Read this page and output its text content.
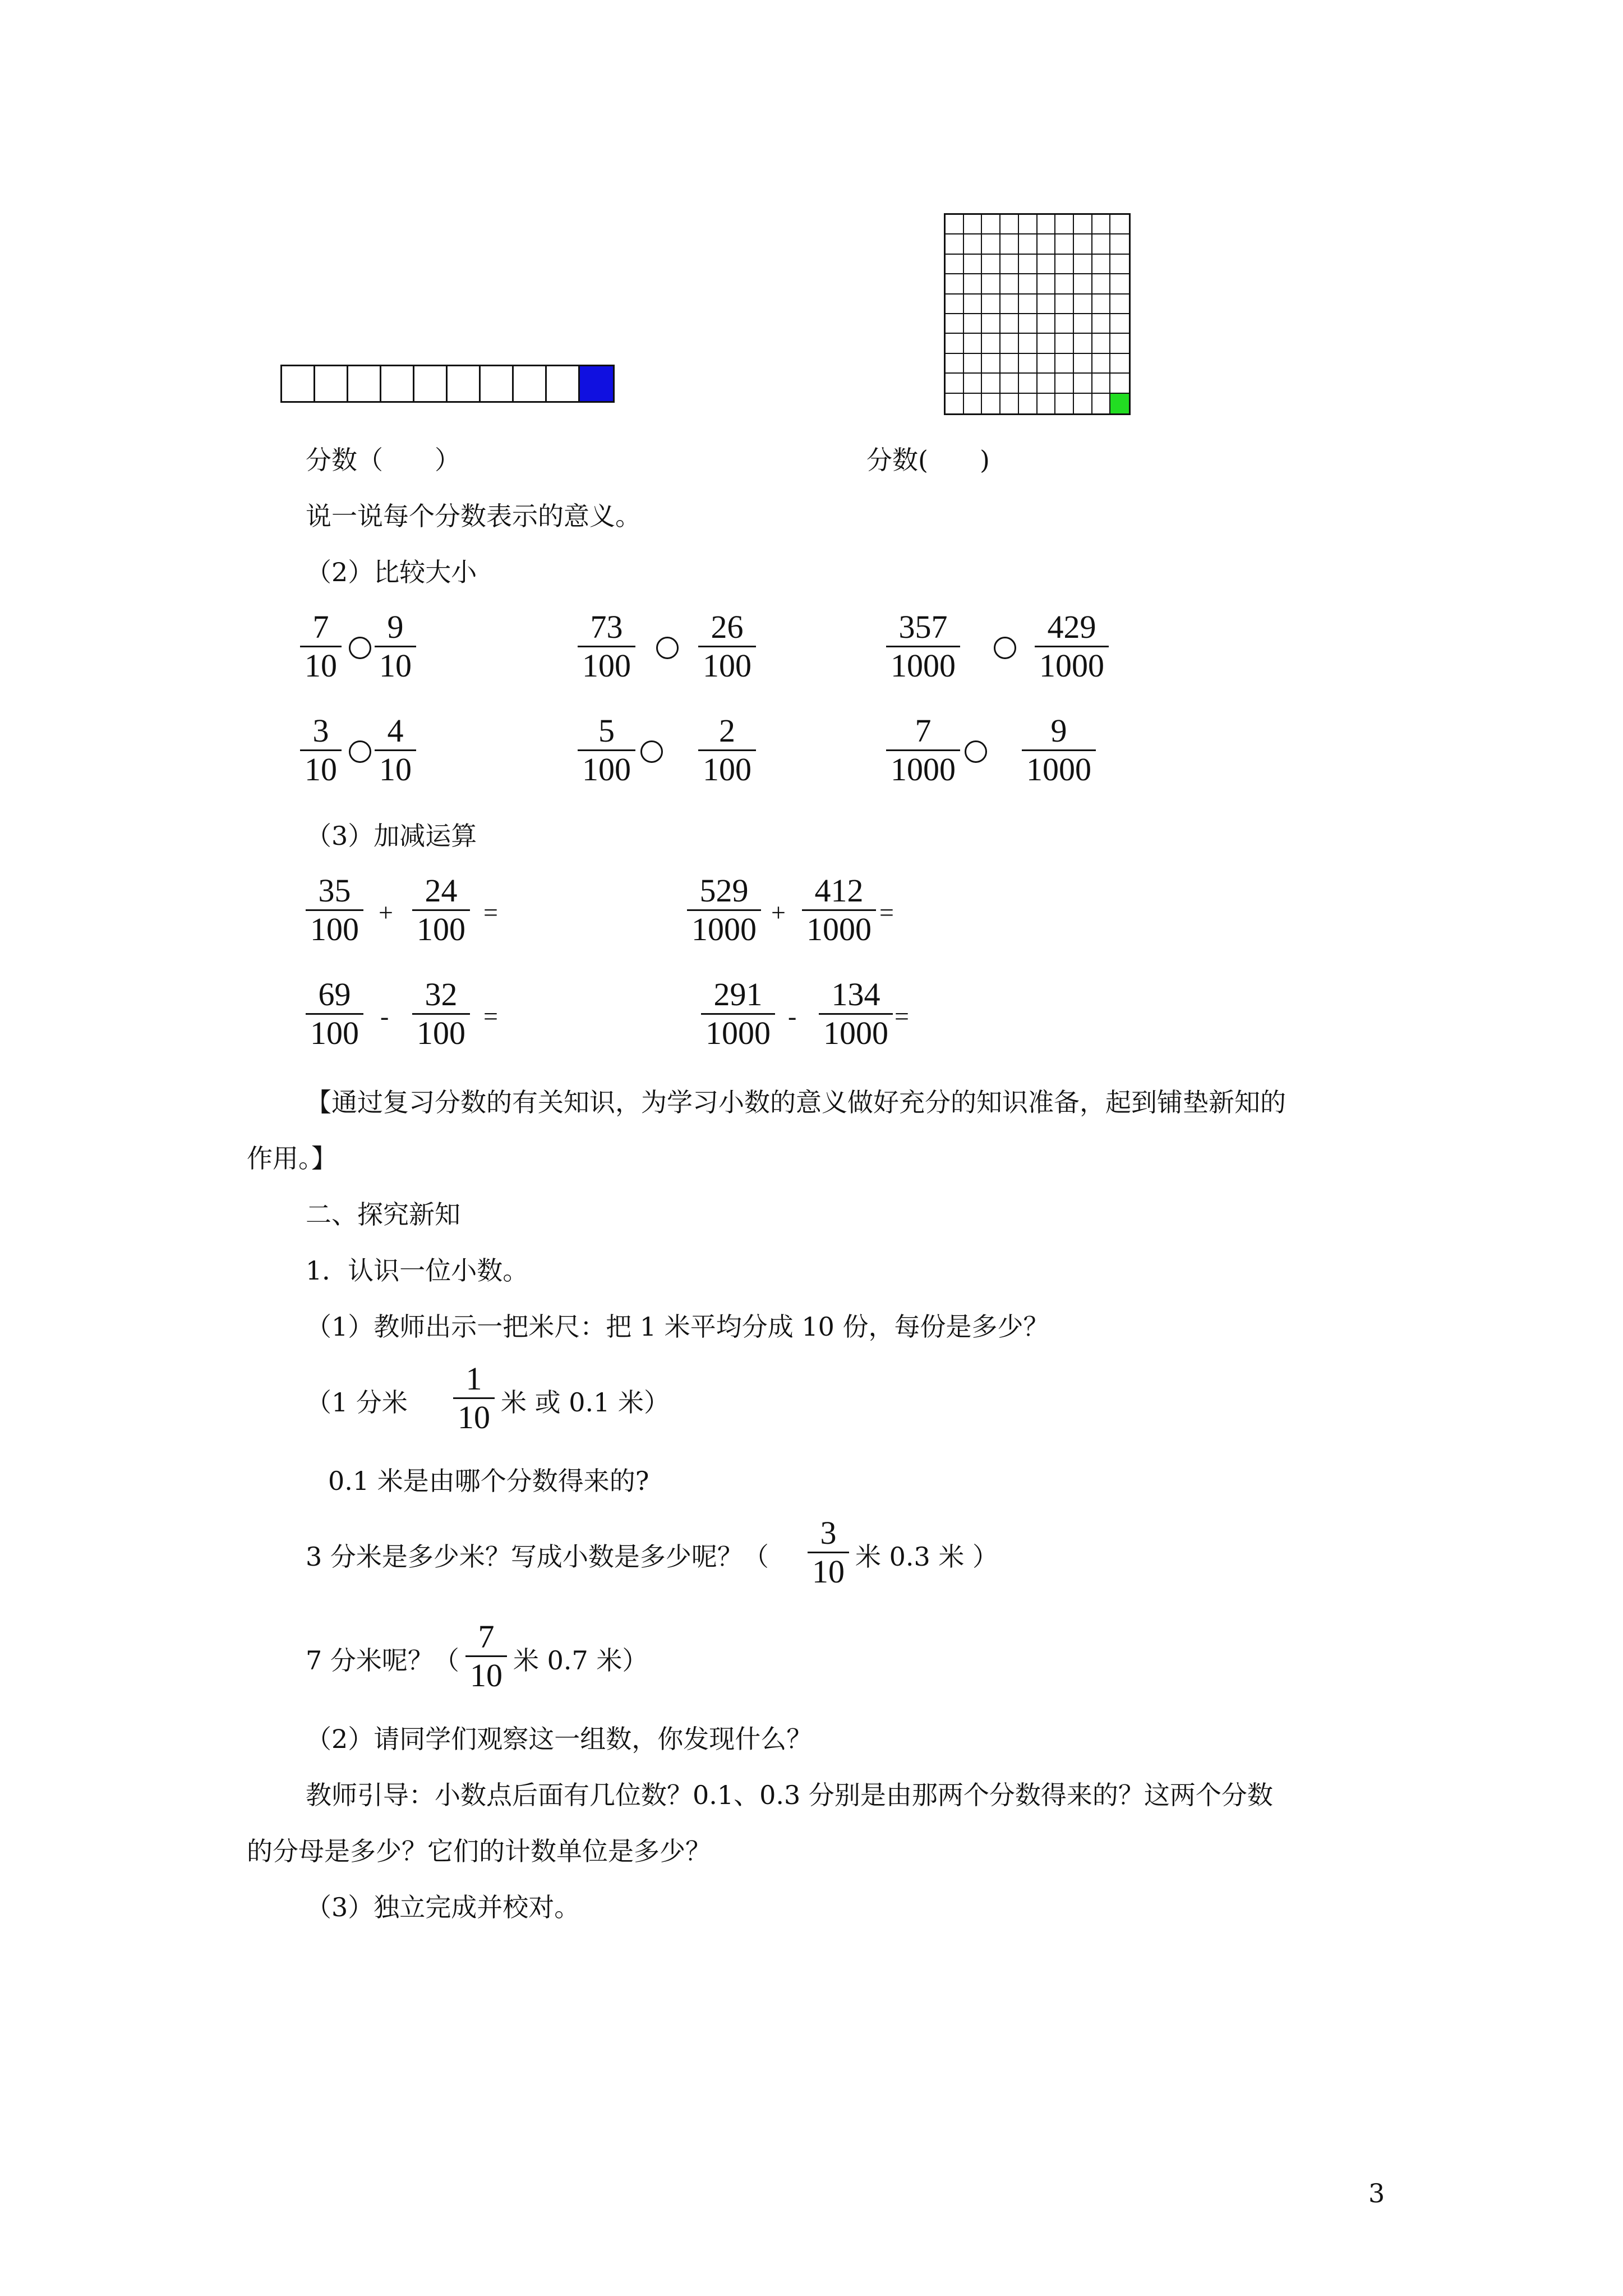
分数（　　）	分数(　　)
说一说每个分数表示的意义。
（2）比较大小
7
10
9
10
73
100
26
100
357
1000
429
1000
3
10
4
10
5
100
2
100
7
1000
9
1000
（3）加减运算
35
100 +
24
100 =
529
1000 +
412
1000 =
69
100 -
32
100 =
291
1000 -
134
1000 =
【通过复习分数的有关知识，为学习小数的意义做好充分的知识准备，起到铺垫新知的
作用。】
二、探究新知
1．认识一位小数。
（1）教师出示一把米尺：把 1 米平均分成 10 份，每份是多少？
（1 分米
1
10 米 或 0.1 米）
0.1 米是由哪个分数得来的?
3 分米是多少米？写成小数是多少呢？（
3
10 米 0.3 米 ）
7 分米呢？（
7
10 米 0.7 米）
（2）请同学们观察这一组数，你发现什么？
教师引导：小数点后面有几位数？0.1、0.3 分别是由那两个分数得来的？这两个分数
的分母是多少？它们的计数单位是多少？
（3）独立完成并校对。
3
